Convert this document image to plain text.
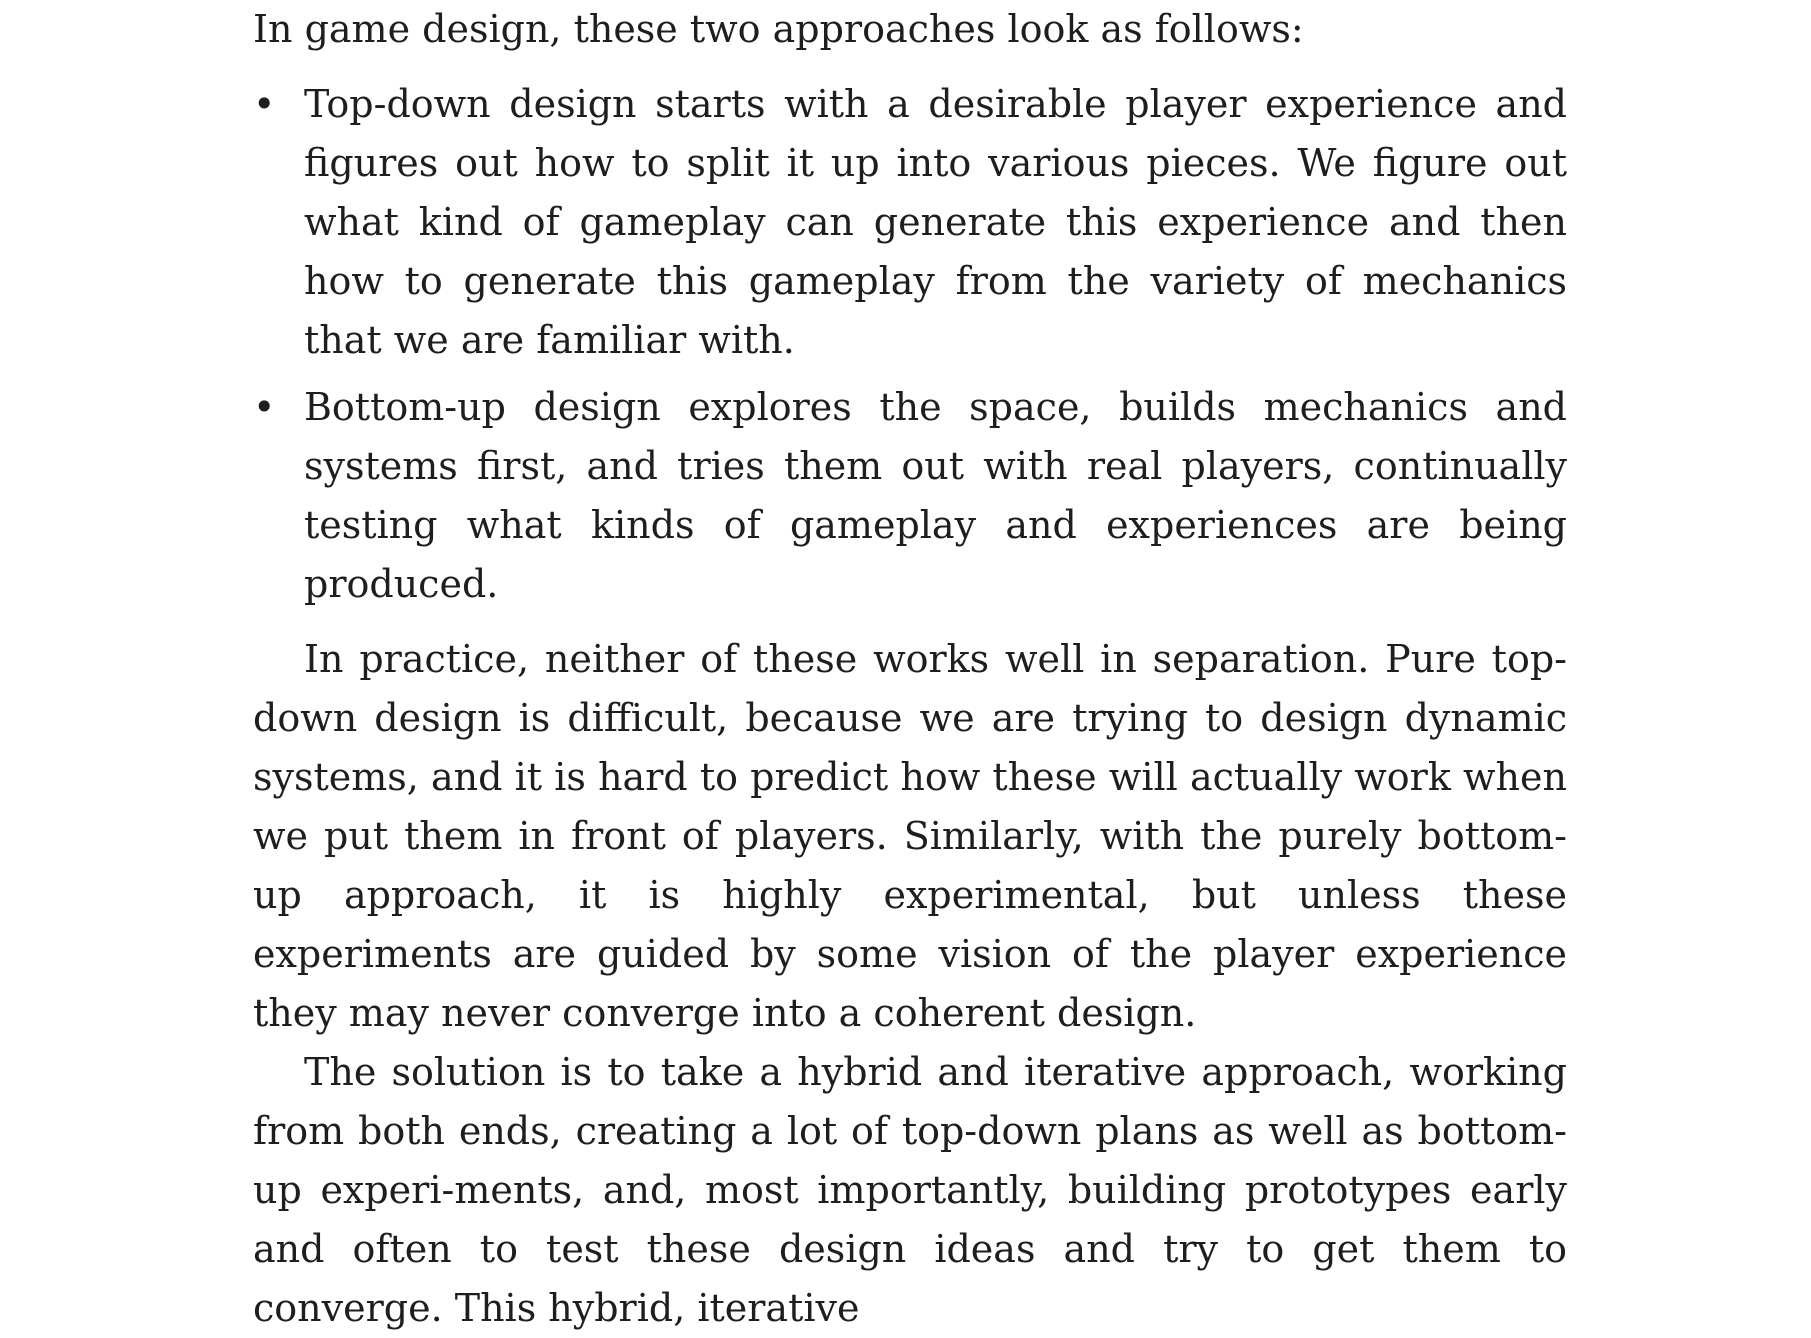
In game design, these two approaches look as follows:

• Top-down design starts with a desirable player experience and figures out how to split it up into various pieces. We figure out what kind of gameplay can generate this experience and then how to generate this gameplay from the variety of mechanics that we are familiar with.
• Bottom-up design explores the space, builds mechanics and systems first, and tries them out with real players, continually testing what kinds of gameplay and experiences are being produced.

In practice, neither of these works well in separation. Pure top-down design is difficult, because we are trying to design dynamic systems, and it is hard to predict how these will actually work when we put them in front of players. Similarly, with the purely bottom-up approach, it is highly experimental, but unless these experiments are guided by some vision of the player experience they may never converge into a coherent design.

The solution is to take a hybrid and iterative approach, working from both ends, creating a lot of top-down plans as well as bottom-up experi-ments, and, most importantly, building prototypes early and often to test these design ideas and try to get them to converge. This hybrid, iterative
